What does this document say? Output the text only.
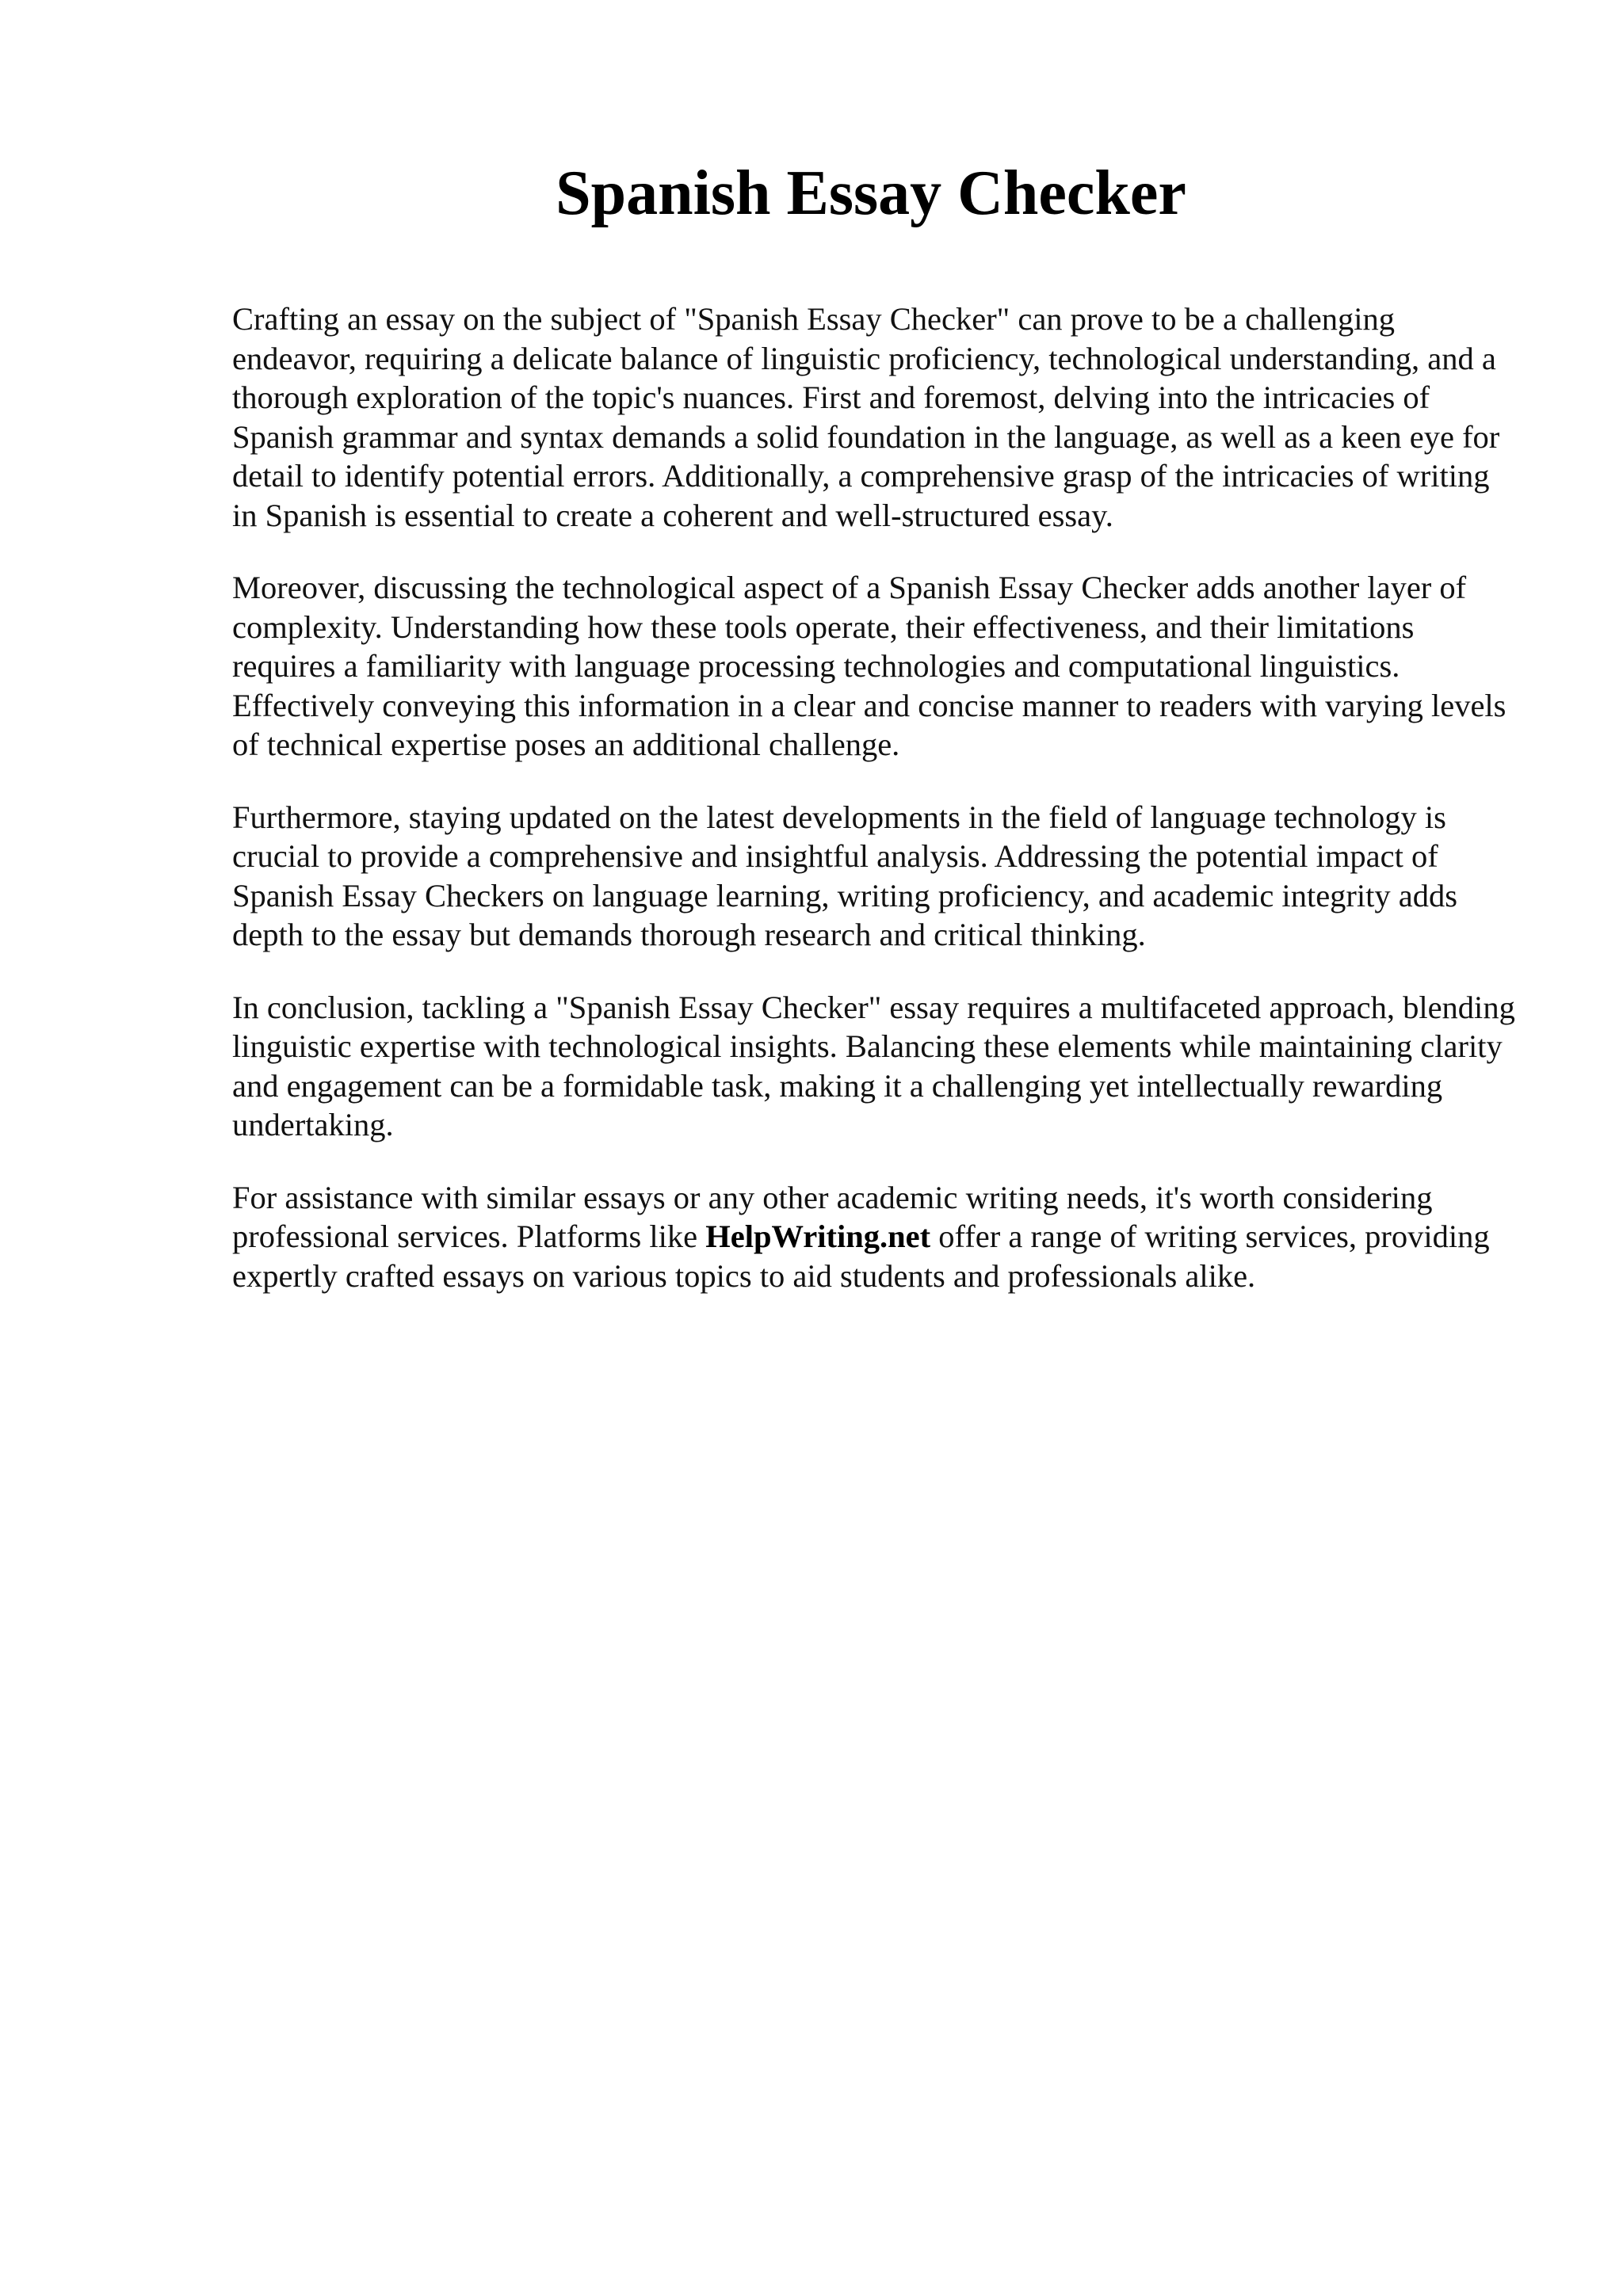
Spanish Essay Checker

Crafting an essay on the subject of "Spanish Essay Checker" can prove to be a challenging endeavor, requiring a delicate balance of linguistic proficiency, technological understanding, and a thorough exploration of the topic's nuances. First and foremost, delving into the intricacies of Spanish grammar and syntax demands a solid foundation in the language, as well as a keen eye for detail to identify potential errors. Additionally, a comprehensive grasp of the intricacies of writing in Spanish is essential to create a coherent and well-structured essay.

Moreover, discussing the technological aspect of a Spanish Essay Checker adds another layer of complexity. Understanding how these tools operate, their effectiveness, and their limitations requires a familiarity with language processing technologies and computational linguistics. Effectively conveying this information in a clear and concise manner to readers with varying levels of technical expertise poses an additional challenge.

Furthermore, staying updated on the latest developments in the field of language technology is crucial to provide a comprehensive and insightful analysis. Addressing the potential impact of Spanish Essay Checkers on language learning, writing proficiency, and academic integrity adds depth to the essay but demands thorough research and critical thinking.

In conclusion, tackling a "Spanish Essay Checker" essay requires a multifaceted approach, blending linguistic expertise with technological insights. Balancing these elements while maintaining clarity and engagement can be a formidable task, making it a challenging yet intellectually rewarding undertaking.

For assistance with similar essays or any other academic writing needs, it's worth considering professional services. Platforms like HelpWriting.net offer a range of writing services, providing expertly crafted essays on various topics to aid students and professionals alike.
